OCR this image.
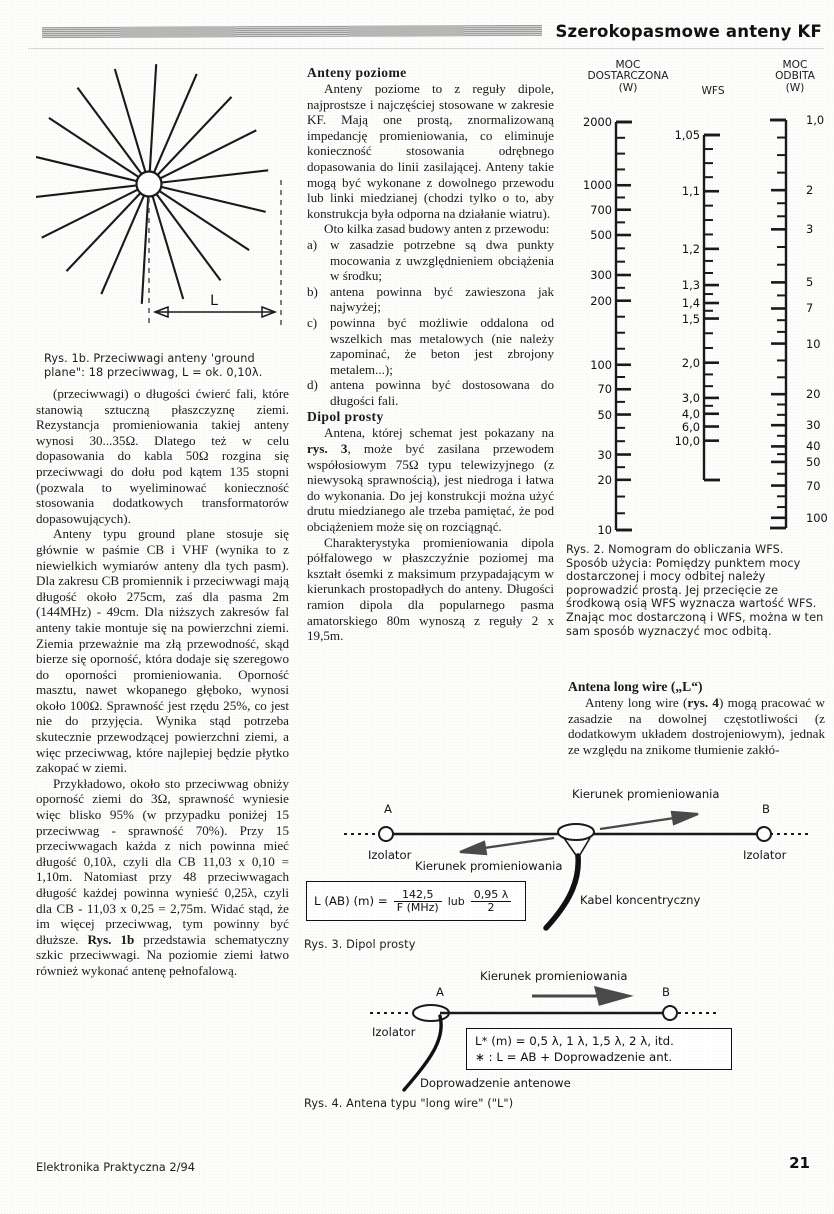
Szerokopasmowe anteny KF
L
Rys. 1b. Przeciwwagi anteny 'ground plane": 18 przeciwwag, L = ok. 0,10λ.

(przeciwwagi) o długości ćwierć fali, które stanowią sztuczną płaszczyznę ziemi. Rezystancja promieniowania takiej anteny wynosi 30...35Ω. Dlatego też w celu dopasowania do kabla 50Ω rozgina się przeciwwagi do dołu pod kątem 135 stopni (pozwala to wyeliminować konieczność stosowania dodatkowych transformatorów dopasowujących).

Anteny typu ground plane stosuje się głównie w paśmie CB i VHF (wynika to z niewielkich wymiarów anteny dla tych pasm). Dla zakresu CB promiennik i przeciwwagi mają długość około 275cm, zaś dla pasma 2m (144MHz) - 49cm. Dla niższych zakresów fal anteny takie montuje się na powierzchni ziemi. Ziemia przeważnie ma złą przewodność, skąd bierze się oporność, która dodaje się szeregowo do oporności promieniowania. Oporność masztu, nawet wkopanego głęboko, wynosi około 100Ω. Sprawność jest rzędu 25%, co jest nie do przyjęcia. Wynika stąd potrzeba skutecznie przewodzącej powierzchni ziemi, a więc przeciwwag, które najlepiej będzie płytko zakopać w ziemi.

Przykładowo, około sto przeciwwag obniży oporność ziemi do 3Ω, sprawność wyniesie więc blisko 95% (w przypadku poniżej 15 przeciwwag - sprawność 70%). Przy 15 przeciwwagach każda z nich powinna mieć długość 0,10λ, czyli dla CB 11,03 x 0,10 = 1,10m. Natomiast przy 48 przeciwwagach długość każdej powinna wynieść 0,25λ, czyli dla CB - 11,03 x 0,25 = 2,75m. Widać stąd, że im więcej przeciwwag, tym powinny być dłuższe. Rys. 1b przedstawia schematyczny szkic przeciwwagi. Na poziomie ziemi łatwo również wykonać antenę pełnofalową.

Anteny poziome

Anteny poziome to z reguły dipole, najprostsze i najczęściej stosowane w zakresie KF. Mają one prostą, znormalizowaną impedancję promieniowania, co eliminuje konieczność stosowania odrębnego dopasowania do linii zasilającej. Anteny takie mogą być wykonane z dowolnego przewodu lub linki miedzianej (chodzi tylko o to, aby konstrukcja była odporna na działanie wiatru).

Oto kilka zasad budowy anten z przewodu:

a) w zasadzie potrzebne są dwa punkty mocowania z uwzględnieniem obciążenia w środku;
b) antena powinna być zawieszona jak najwyżej;
c) powinna być możliwie oddalona od wszelkich mas metalowych (nie należy zapominać, że beton jest zbrojony metalem...);
d) antena powinna być dostosowana do długości fali.
Dipol prosty

Antena, której schemat jest pokazany na rys. 3, może być zasilana przewodem współosiowym 75Ω typu telewizyjnego (z niewysoką sprawnością), jest niedroga i łatwa do wykonania. Do jej konstrukcji można użyć drutu miedzianego ale trzeba pamiętać, że pod obciążeniem może się on rozciągnąć.

Charakterystyka promieniowania dipola półfalowego w płaszczyźnie poziomej ma kształt ósemki z maksimum przypadającym w kierunkach prostopadłych do anteny. Długości ramion dipola dla popularnego pasma amatorskiego 80m wynoszą z reguły 2 x 19,5m.

MOC
DOSTARCZONA
(W)	WFS
MOC
ODBITA
(W)
2000
1000
700
500
300
200
100
70
50
30
20
10
1,05
1,1
1,2
1,3
1,4
1,5
2,0
3,0
4,0
6,0
10,0
1,0
2
3
5
7
10
20
30
40
50
70
100
Rys. 2. Nomogram do obliczania WFS. Sposób użycia: Pomiędzy punktem mocy dostarczonej i mocy odbitej należy poprowadzić prostą. Jej przecięcie ze środkową osią WFS wyznacza wartość WFS. Znając moc dostarczoną i WFS, można w ten sam sposób wyznaczyć moc odbitą.
Antena long wire („L“)

Anteny long wire (rys. 4) mogą pracować w zasadzie na dowolnej częstotliwości (z dodatkowym układem dostrojeniowym), jednak ze względu na znikome tłumienie zakłó-

A	B
Izolator	Izolator
Kierunek promieniowania
Kierunek promieniowania
Kabel koncentryczny
L (AB) $(m) = \frac{142,5}{\text{F (MHz)}}$ lub $\frac{0,95 \lambda}{2}$
Rys. 3. Dipol prosty
A	B
Izolator
Kierunek promieniowania
Doprowadzenie antenowe
L* (m) = 0,5 λ, 1 λ, 1,5 λ, 2 λ, itd.
∗ : L = AB + Doprowadzenie ant.
Rys. 4. Antena typu "long wire" ("L")
Elektronika Praktyczna 2/94	21
